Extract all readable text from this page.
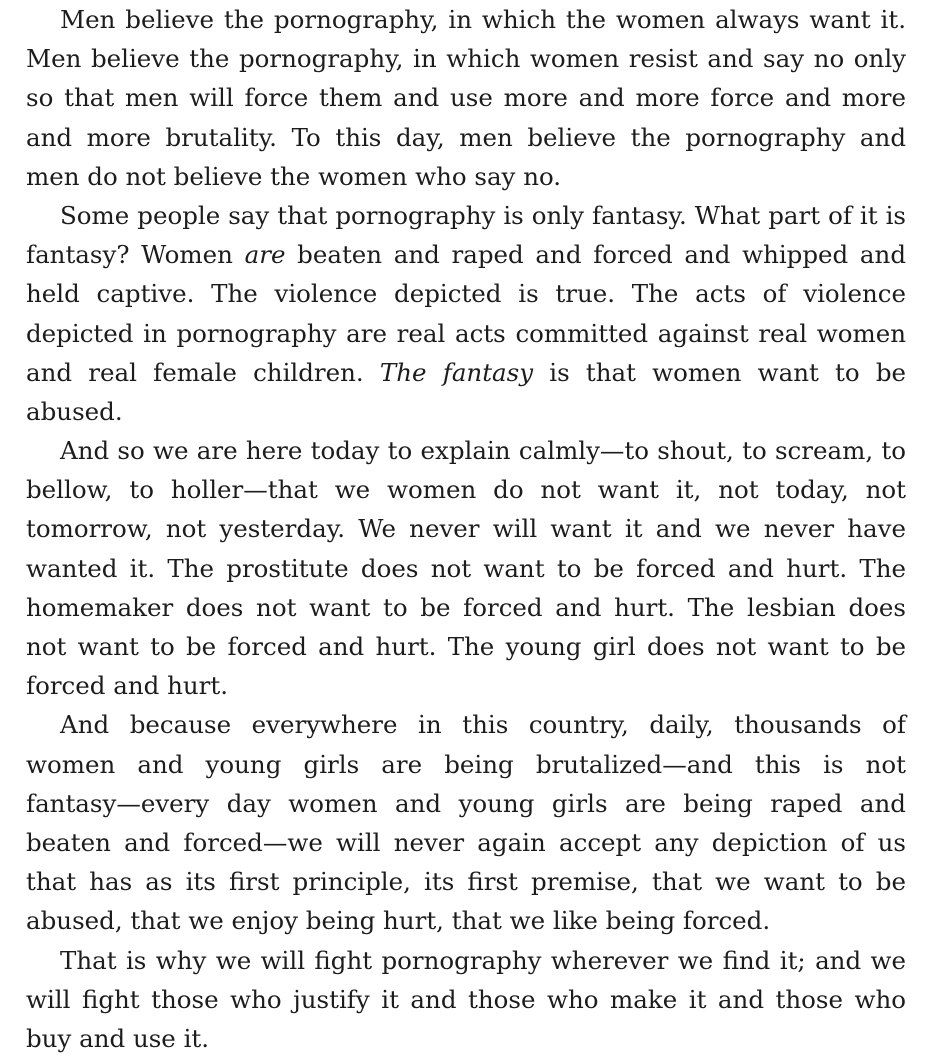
Men believe the pornography, in which the women always want it.
Men believe the pornography, in which women resist and say no only
so that men will force them and use more and more force and more
and more brutality. To this day, men believe the pornography and
men do not believe the women who say no.
Some people say that pornography is only fantasy. What part of it is
fantasy? Women are beaten and raped and forced and whipped and
held captive. The violence depicted is true. The acts of violence
depicted in pornography are real acts committed against real women
and real female children. The fantasy is that women want to be
abused.
And so we are here today to explain calmly—to shout, to scream, to
bellow, to holler—that we women do not want it, not today, not
tomorrow, not yesterday. We never will want it and we never have
wanted it. The prostitute does not want to be forced and hurt. The
homemaker does not want to be forced and hurt. The lesbian does
not want to be forced and hurt. The young girl does not want to be
forced and hurt.
And because everywhere in this country, daily, thousands of
women and young girls are being brutalized—and this is not
fantasy—every day women and young girls are being raped and
beaten and forced—we will never again accept any depiction of us
that has as its first principle, its first premise, that we want to be
abused, that we enjoy being hurt, that we like being forced.
That is why we will fight pornography wherever we find it; and we
will fight those who justify it and those who make it and those who
buy and use it.
